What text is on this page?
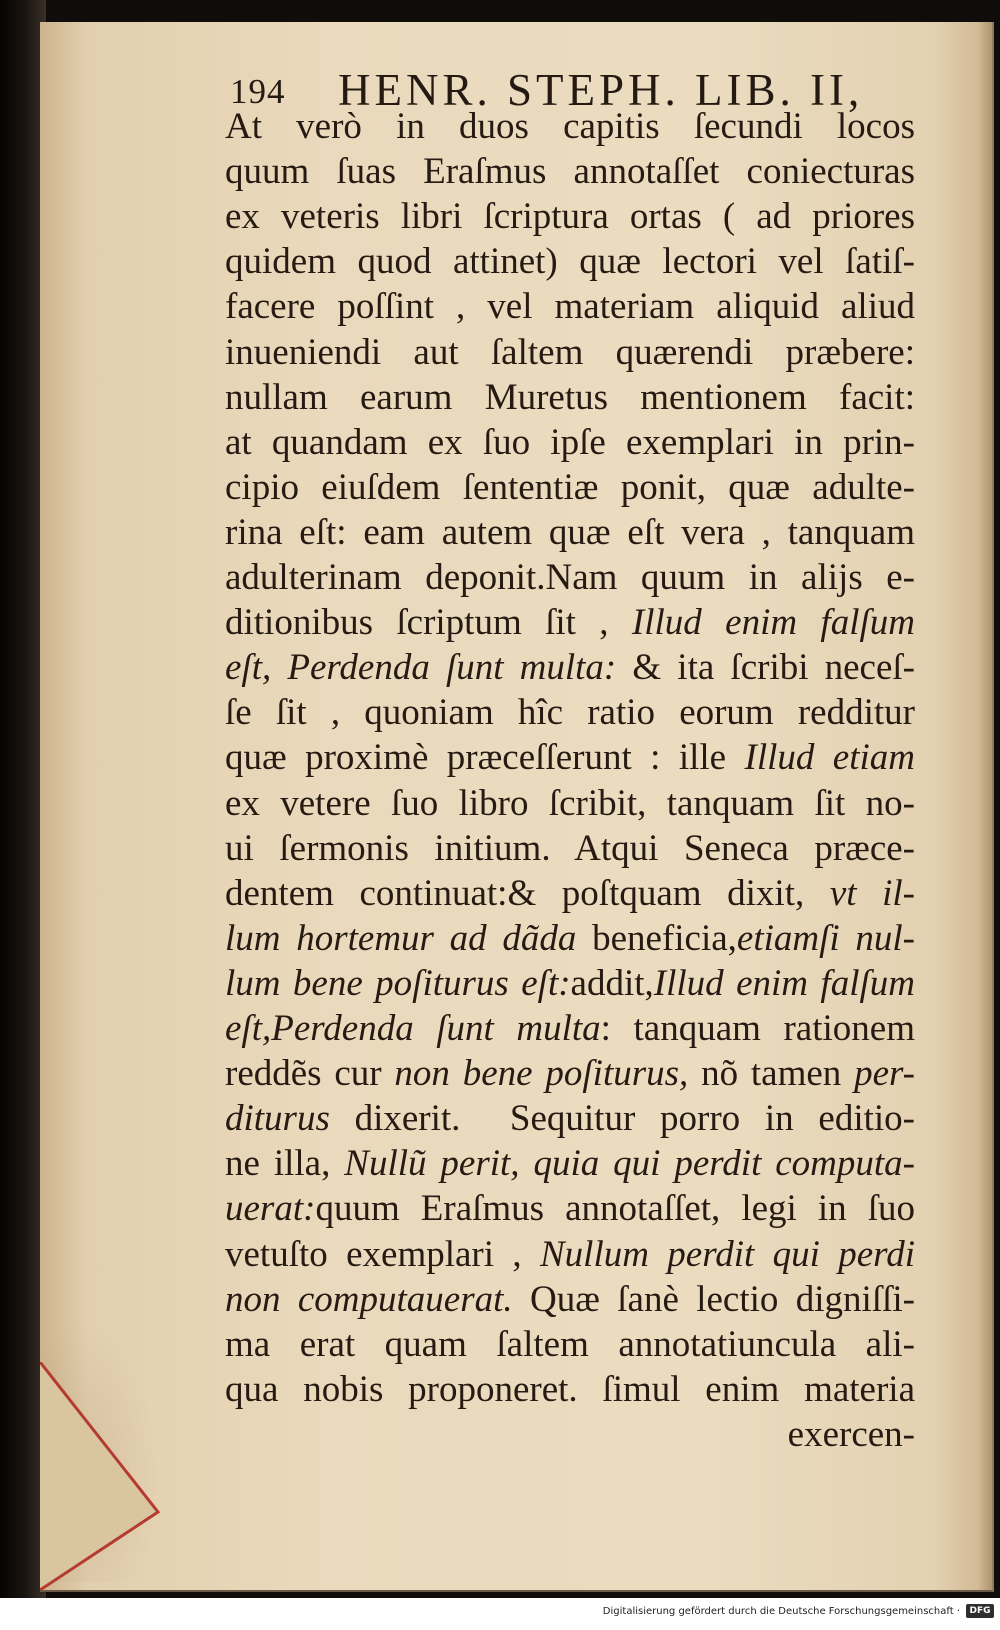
194 HENR. STEPH. LIB. II,
At verò in duos capitis ſecundi locos
quum ſuas Eraſmus annotaſſet coniecturas
ex veteris libri ſcriptura ortas ( ad priores
quidem quod attinet) quæ lectori vel ſatiſ-
facere poſſint , vel materiam aliquid aliud
inueniendi aut ſaltem quærendi præbere:
nullam earum Muretus mentionem facit:
at quandam ex ſuo ipſe exemplari in prin-
cipio eiuſdem ſententiæ ponit, quæ adulte-
rina eſt: eam autem quæ eſt vera , tanquam
adulterinam deponit.Nam quum in alijs e-
ditionibus ſcriptum ſit , Illud enim falſum
eſt, Perdenda ſunt multa: & ita ſcribi neceſ-
ſe ſit , quoniam hîc ratio eorum redditur
quæ proximè præceſſerunt : ille Illud etiam
ex vetere ſuo libro ſcribit, tanquam ſit no-
ui ſermonis initium. Atqui Seneca præce-
dentem continuat:& poſtquam dixit, vt il-
lum hortemur ad dãda beneficia,etiamſi nul-
lum bene poſiturus eſt:addit,Illud enim falſum
eſt,Perdenda ſunt multa: tanquam rationem
reddẽs cur non bene poſiturus, nõ tamen per-
diturus dixerit.  Sequitur porro in editio-
ne illa, Nullũ perit, quia qui perdit computa-
uerat:quum Eraſmus annotaſſet, legi in ſuo
vetuſto exemplari , Nullum perdit qui perdi
non computauerat. Quæ ſanè lectio digniſſi-
ma erat quam ſaltem annotatiuncula ali-
qua nobis proponeret. ſimul enim materia
exercen-
Digitalisierung gefördert durch die Deutsche Forschungsgemeinschaft ·	DFG
